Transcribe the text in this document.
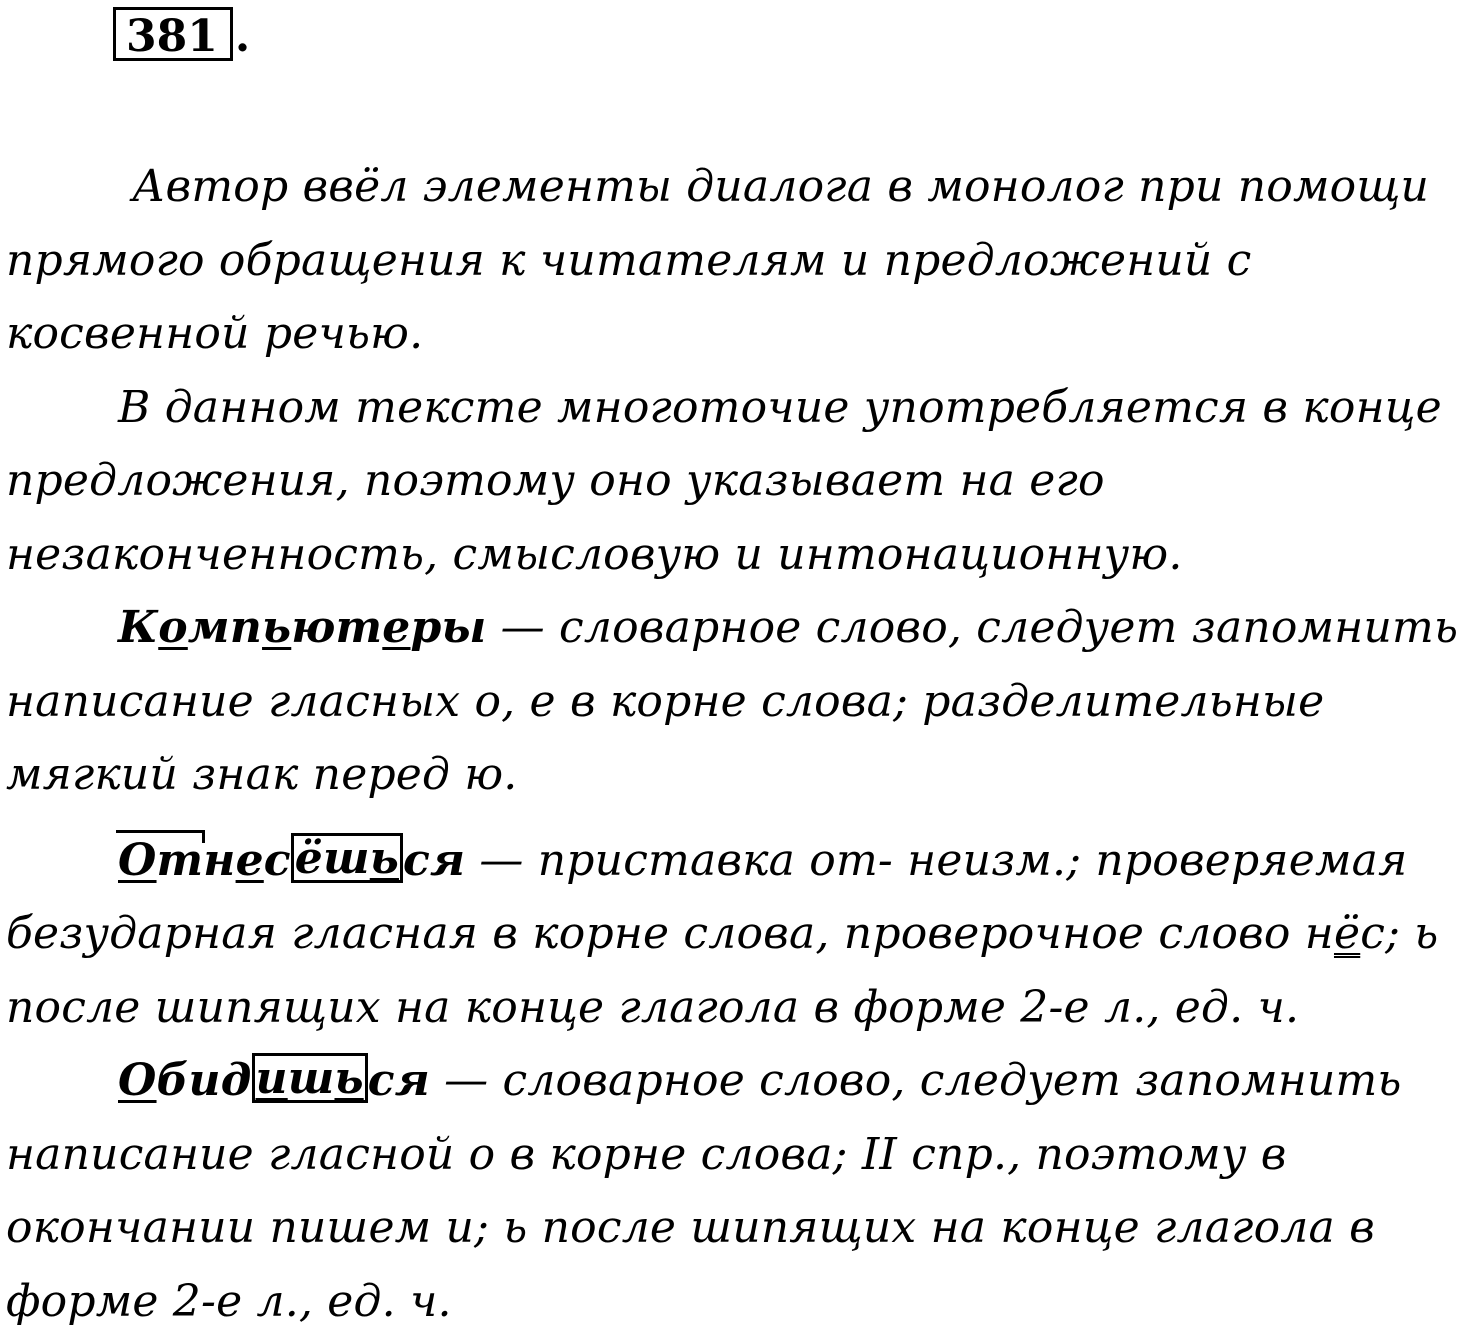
381 .
Автор ввёл элементы диалога в монолог при помощи
прямого обращения к читателям и предложений с
косвенной речью.
В данном тексте многоточие употребляется в конце
предложения, поэтому оно указывает на его
незаконченность, смысловую и интонационную.
Компьютеры — словарное слово, следует запомнить
написание гласных о, е в корне слова; разделительные
мягкий знак перед ю.
Отнесёшься — приставка от- неизм.; проверяемая
безударная гласная в корне слова, проверочное слово нёс; ь
после шипящих на конце глагола в форме 2-е л., ед. ч.
Обидишься — словарное слово, следует запомнить
написание гласной о в корне слова; II спр., поэтому в
окончании пишем и; ь после шипящих на конце глагола в
форме 2-е л., ед. ч.
